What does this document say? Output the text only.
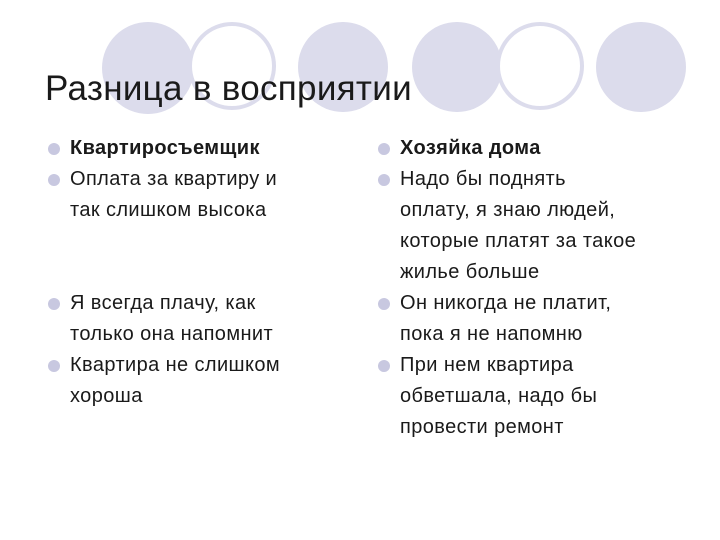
Разница в восприятии
Квартиросъемщик
Оплата за квартиру и
так слишком высока
Я всегда плачу, как
только она напомнит
Квартира не слишком
хороша
Хозяйка дома
Надо бы поднять
оплату, я знаю людей,
которые платят за такое
жилье больше
Он никогда не платит,
пока я не напомню
При нем квартира
обветшала, надо бы
провести ремонт
